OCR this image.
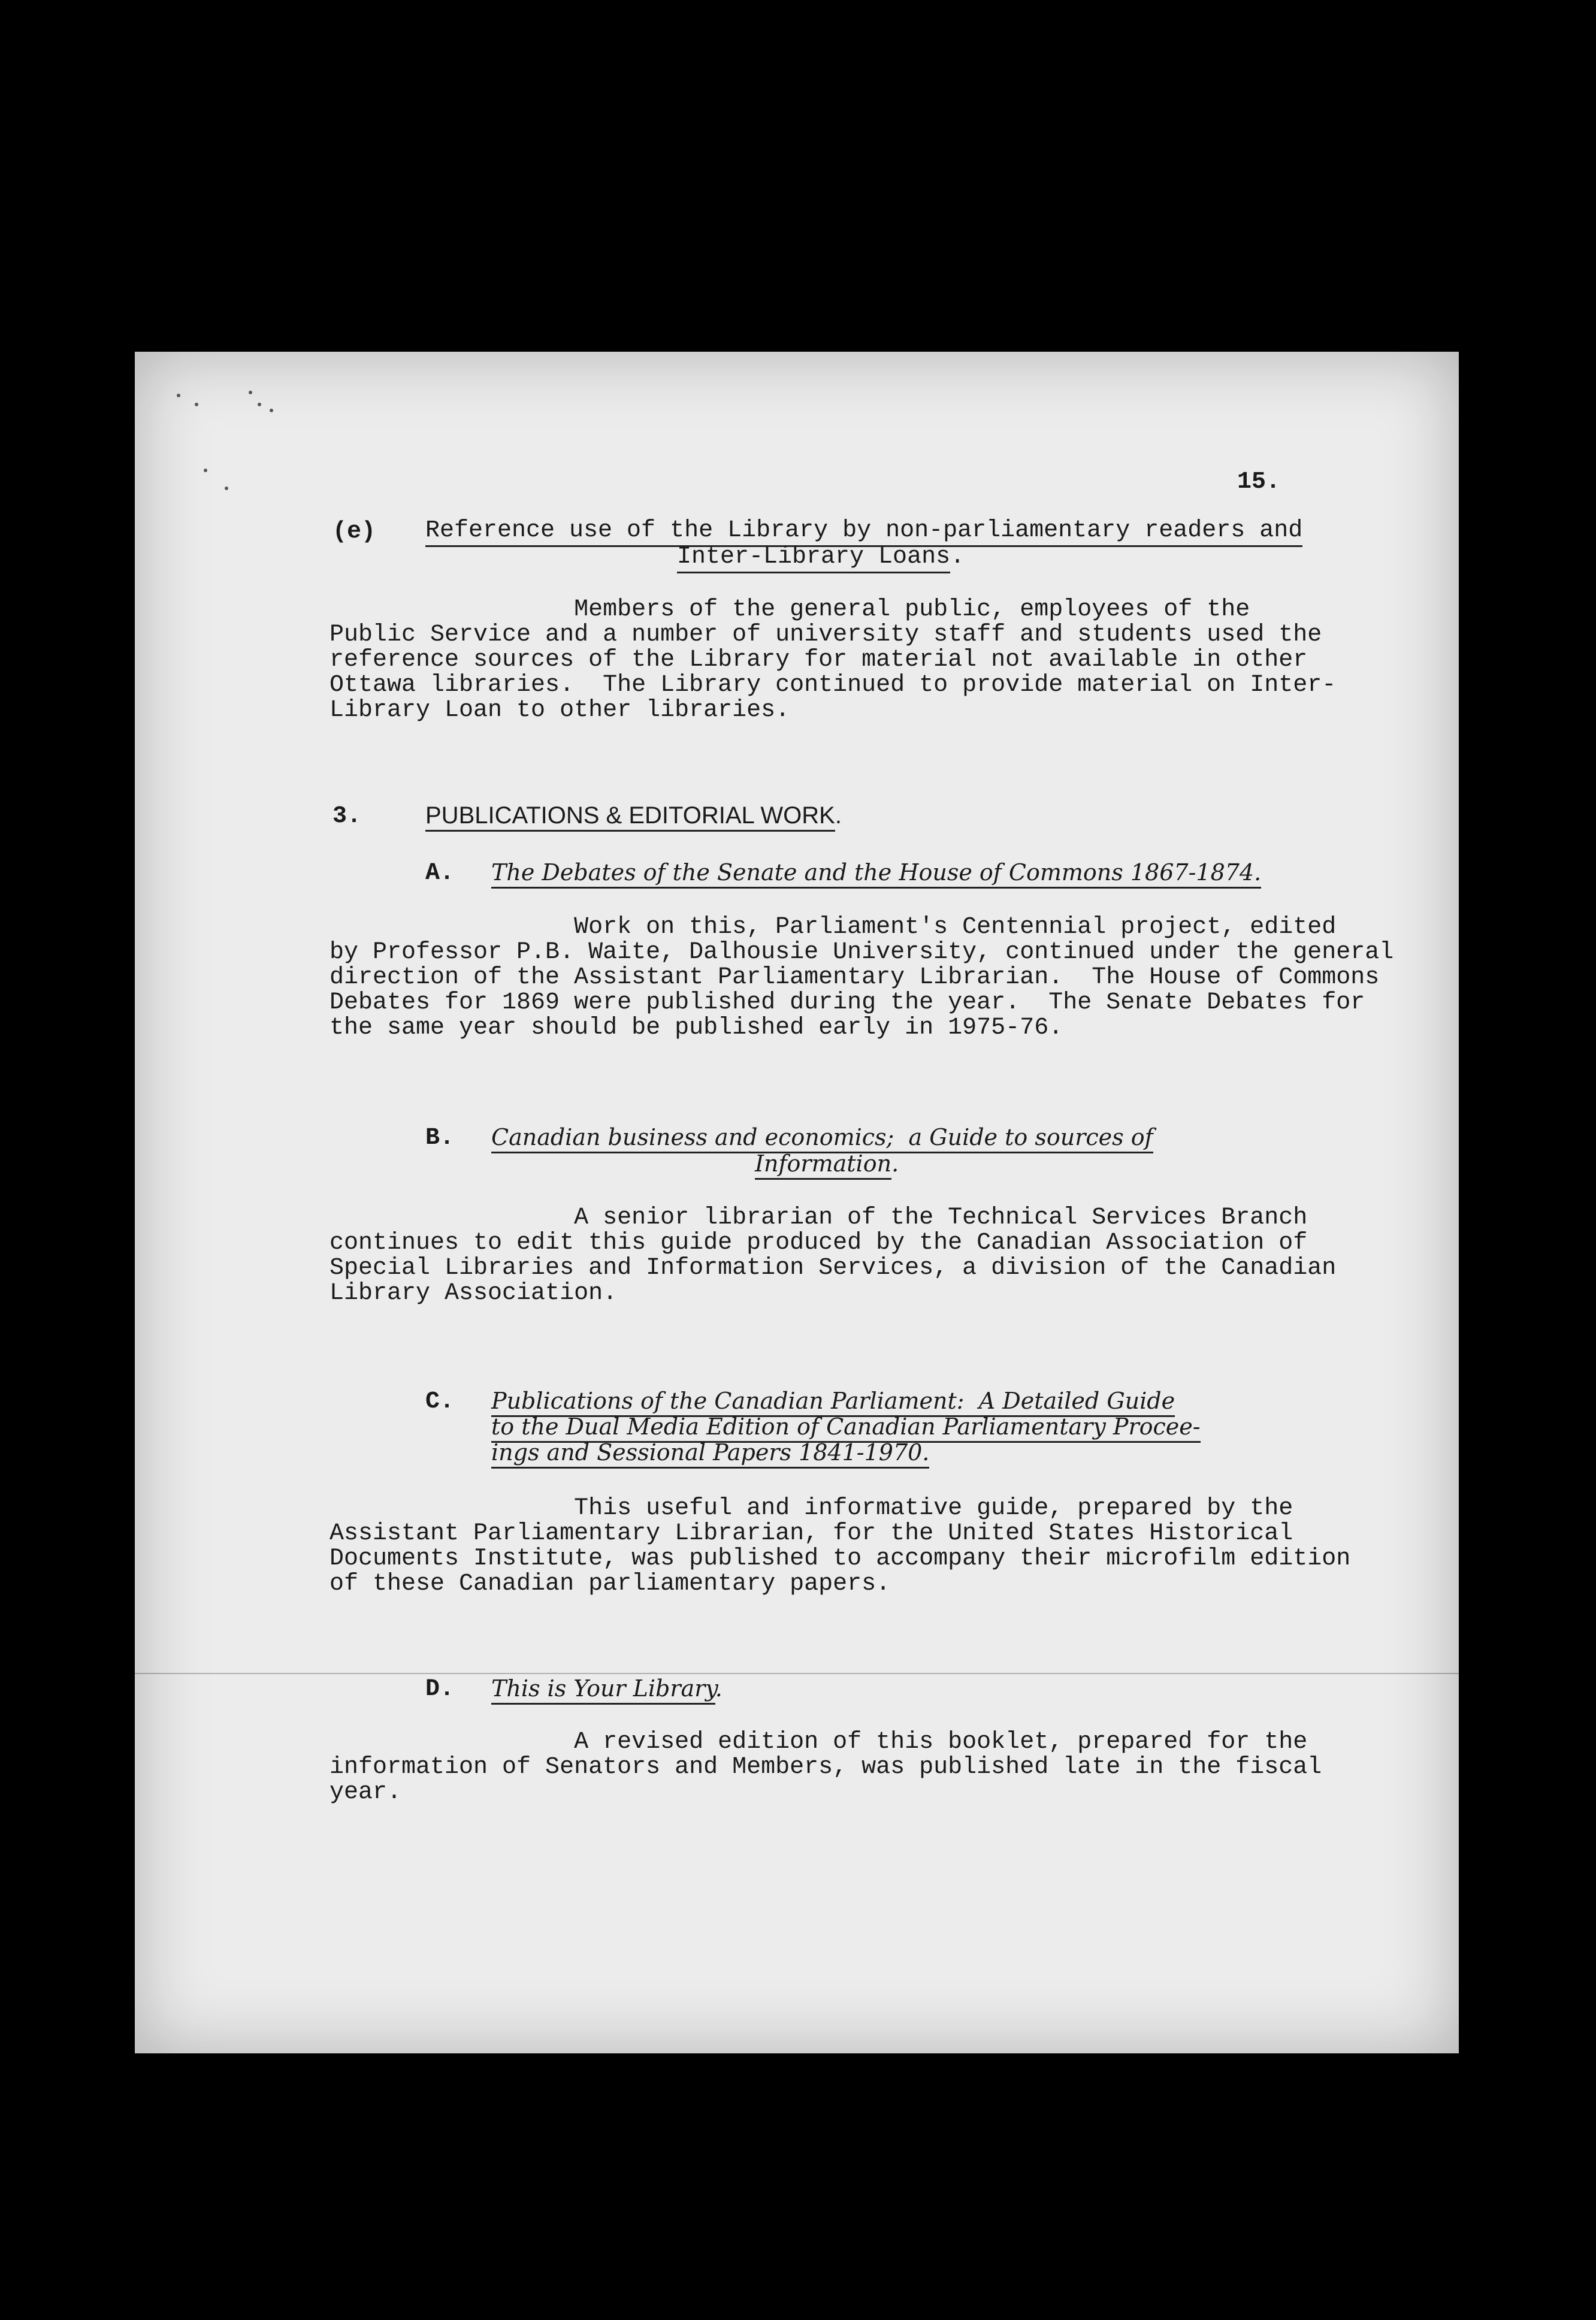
15.
(e) Reference use of the Library by non-parliamentary readers and
Inter-Library Loans.
Members of the general public, employees of the
Public Service and a number of university staff and students used the
reference sources of the Library for material not available in other
Ottawa libraries.  The Library continued to provide material on Inter-
Library Loan to other libraries.
3.	PUBLICATIONS & EDITORIAL WORK.
A. The Debates of the Senate and the House of Commons 1867-1874.
Work on this, Parliament's Centennial project, edited
by Professor P.B. Waite, Dalhousie University, continued under the general
direction of the Assistant Parliamentary Librarian.  The House of Commons
Debates for 1869 were published during the year.  The Senate Debates for
the same year should be published early in 1975-76.
B. Canadian business and economics;  a Guide to sources of
Information.
A senior librarian of the Technical Services Branch
continues to edit this guide produced by the Canadian Association of
Special Libraries and Information Services, a division of the Canadian
Library Association.
C. Publications of the Canadian Parliament:  A Detailed Guide
to the Dual Media Edition of Canadian Parliamentary Procee-
ings and Sessional Papers 1841-1970.
This useful and informative guide, prepared by the
Assistant Parliamentary Librarian, for the United States Historical
Documents Institute, was published to accompany their microfilm edition
of these Canadian parliamentary papers.
D. This is Your Library.
A revised edition of this booklet, prepared for the
information of Senators and Members, was published late in the fiscal
year.
